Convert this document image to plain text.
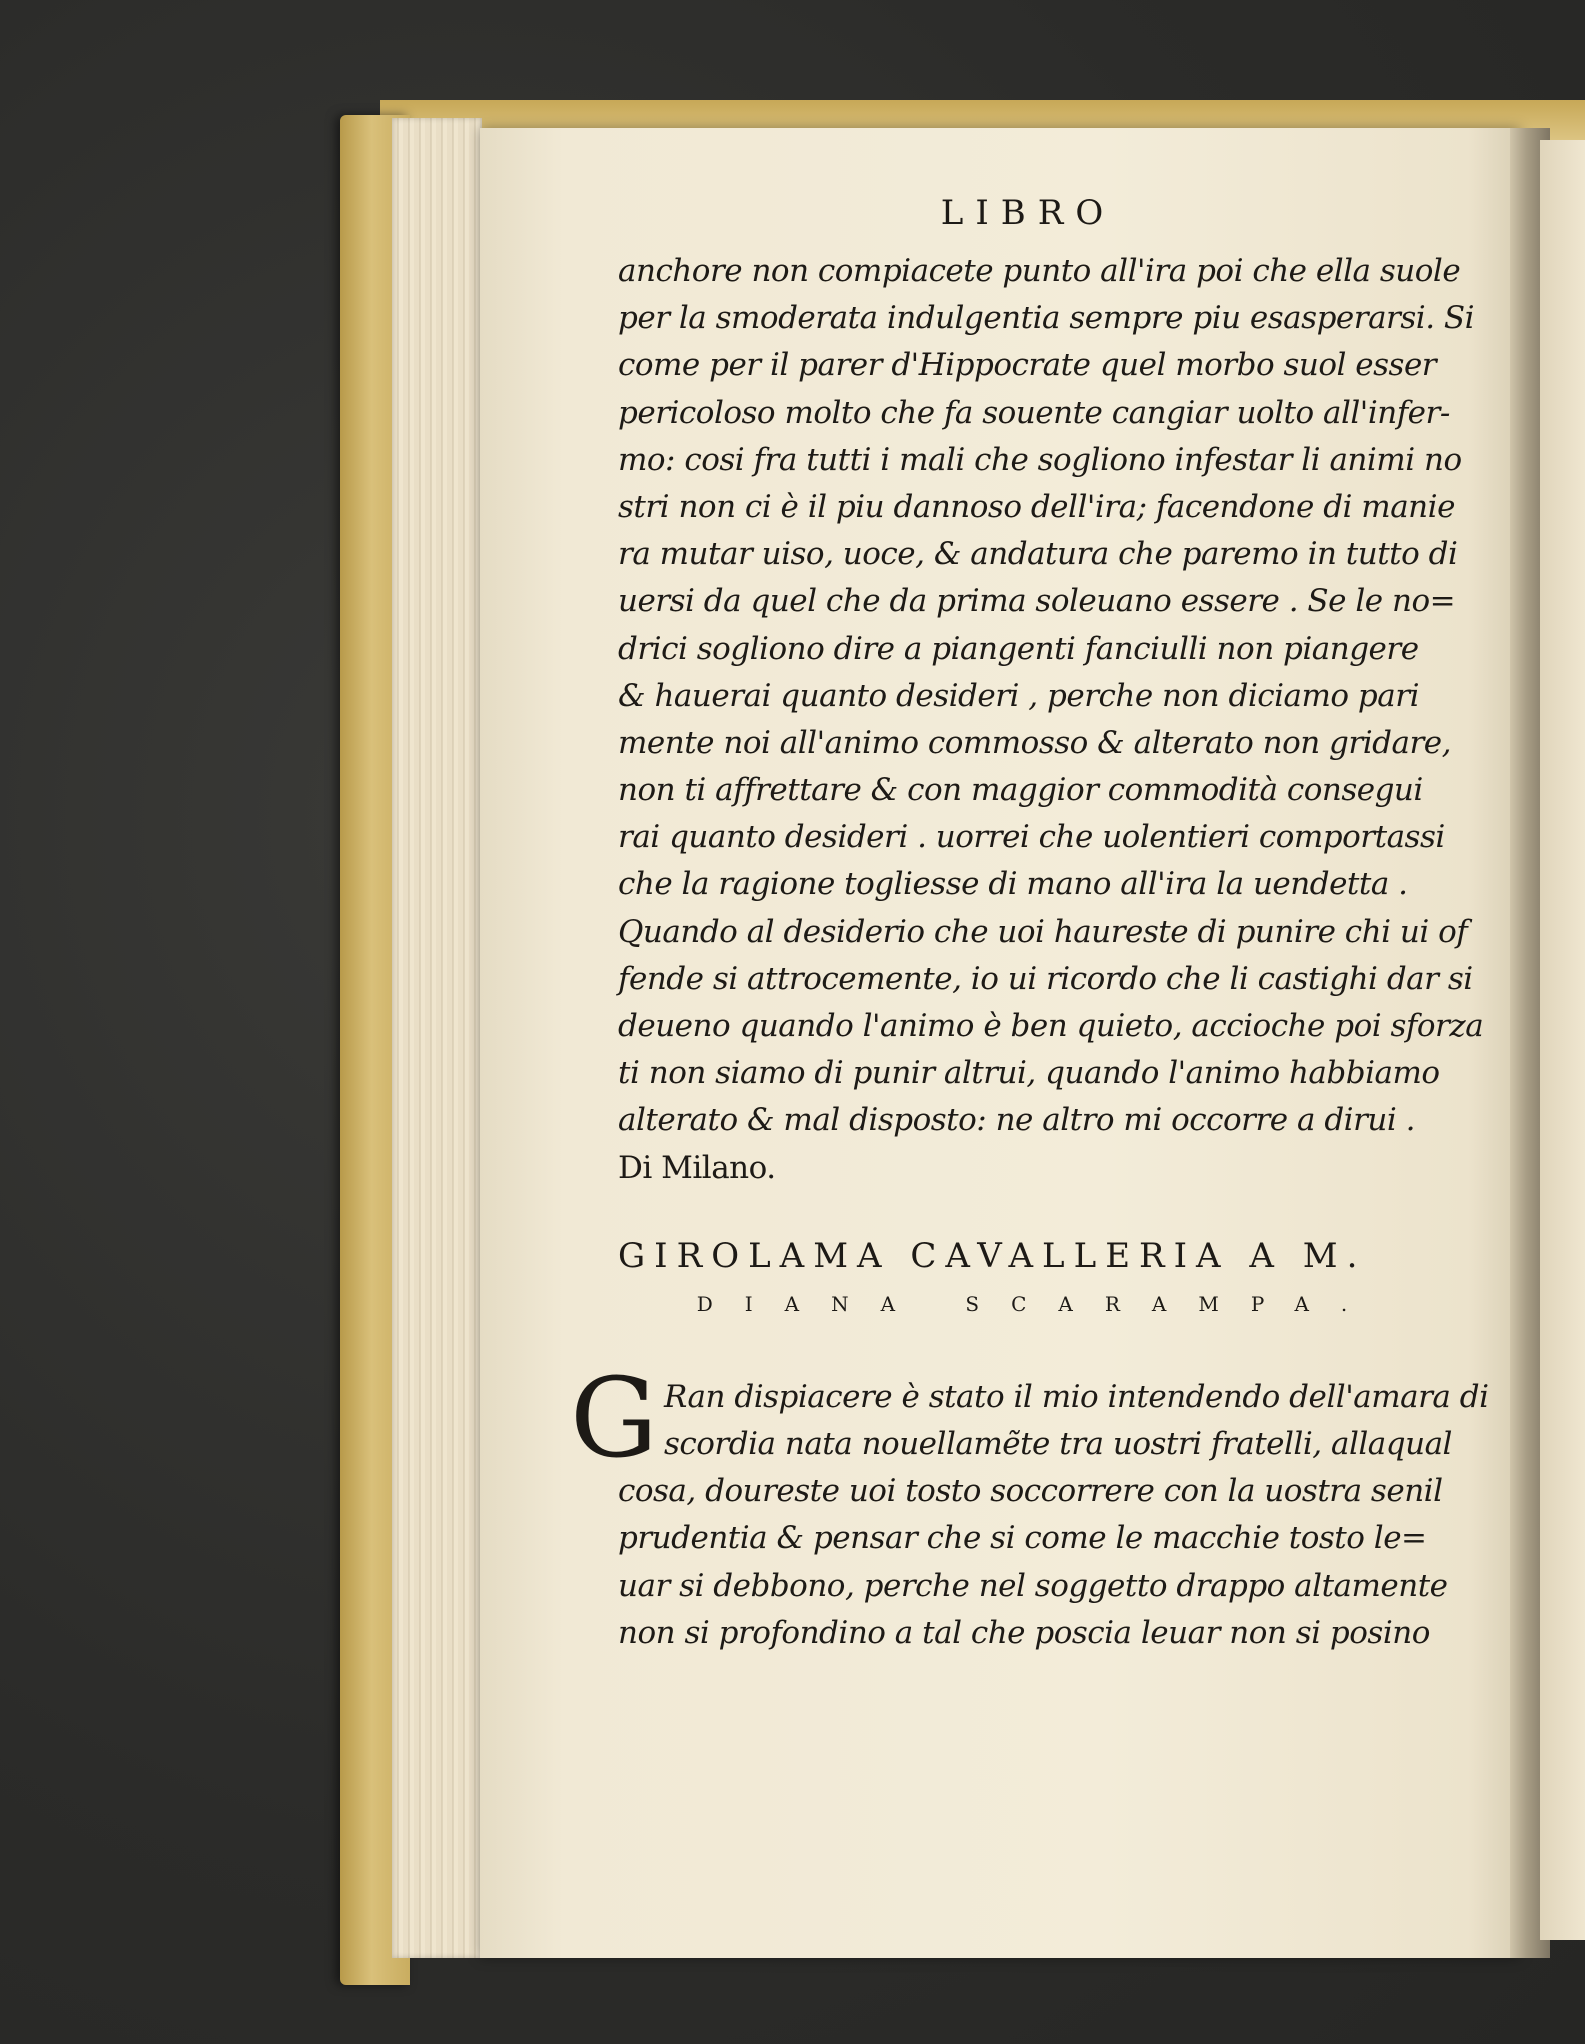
LIBRO
anchore non compiacete punto all'ira poi che ella suole
per la smoderata indulgentia sempre piu esasperarsi. Si
come per il parer d'Hippocrate quel morbo suol esser
pericoloso molto che fa souente cangiar uolto all'infer-
mo: cosi fra tutti i mali che sogliono infestar li animi no
stri non ci è il piu dannoso dell'ira; facendone di manie
ra mutar uiso, uoce, & andatura che paremo in tutto di
uersi da quel che da prima soleuano essere . Se le no=
drici sogliono dire a piangenti fanciulli non piangere
& hauerai quanto desideri , perche non diciamo pari
mente noi all'animo commosso & alterato non gridare,
non ti affrettare & con maggior commodità consegui
rai quanto desideri . uorrei che uolentieri comportassi
che la ragione togliesse di mano all'ira la uendetta .
Quando al desiderio che uoi haureste di punire chi ui of
fende si attrocemente, io ui ricordo che li castighi dar si
deueno quando l'animo è ben quieto, accioche poi sforza
ti non siamo di punir altrui, quando l'animo habbiamo
alterato & mal disposto: ne altro mi occorre a dirui .
Di Milano.
GIROLAMA CAVALLERIA A M.
DIANA SCARAMPA.
G Ran dispiacere è stato il mio intendendo dell'amara di
scordia nata nouellamẽte tra uostri fratelli, allaqual
cosa, doureste uoi tosto soccorrere con la uostra senil
prudentia & pensar che si come le macchie tosto le=
uar si debbono, perche nel soggetto drappo altamente
non si profondino a tal che poscia leuar non si posino
